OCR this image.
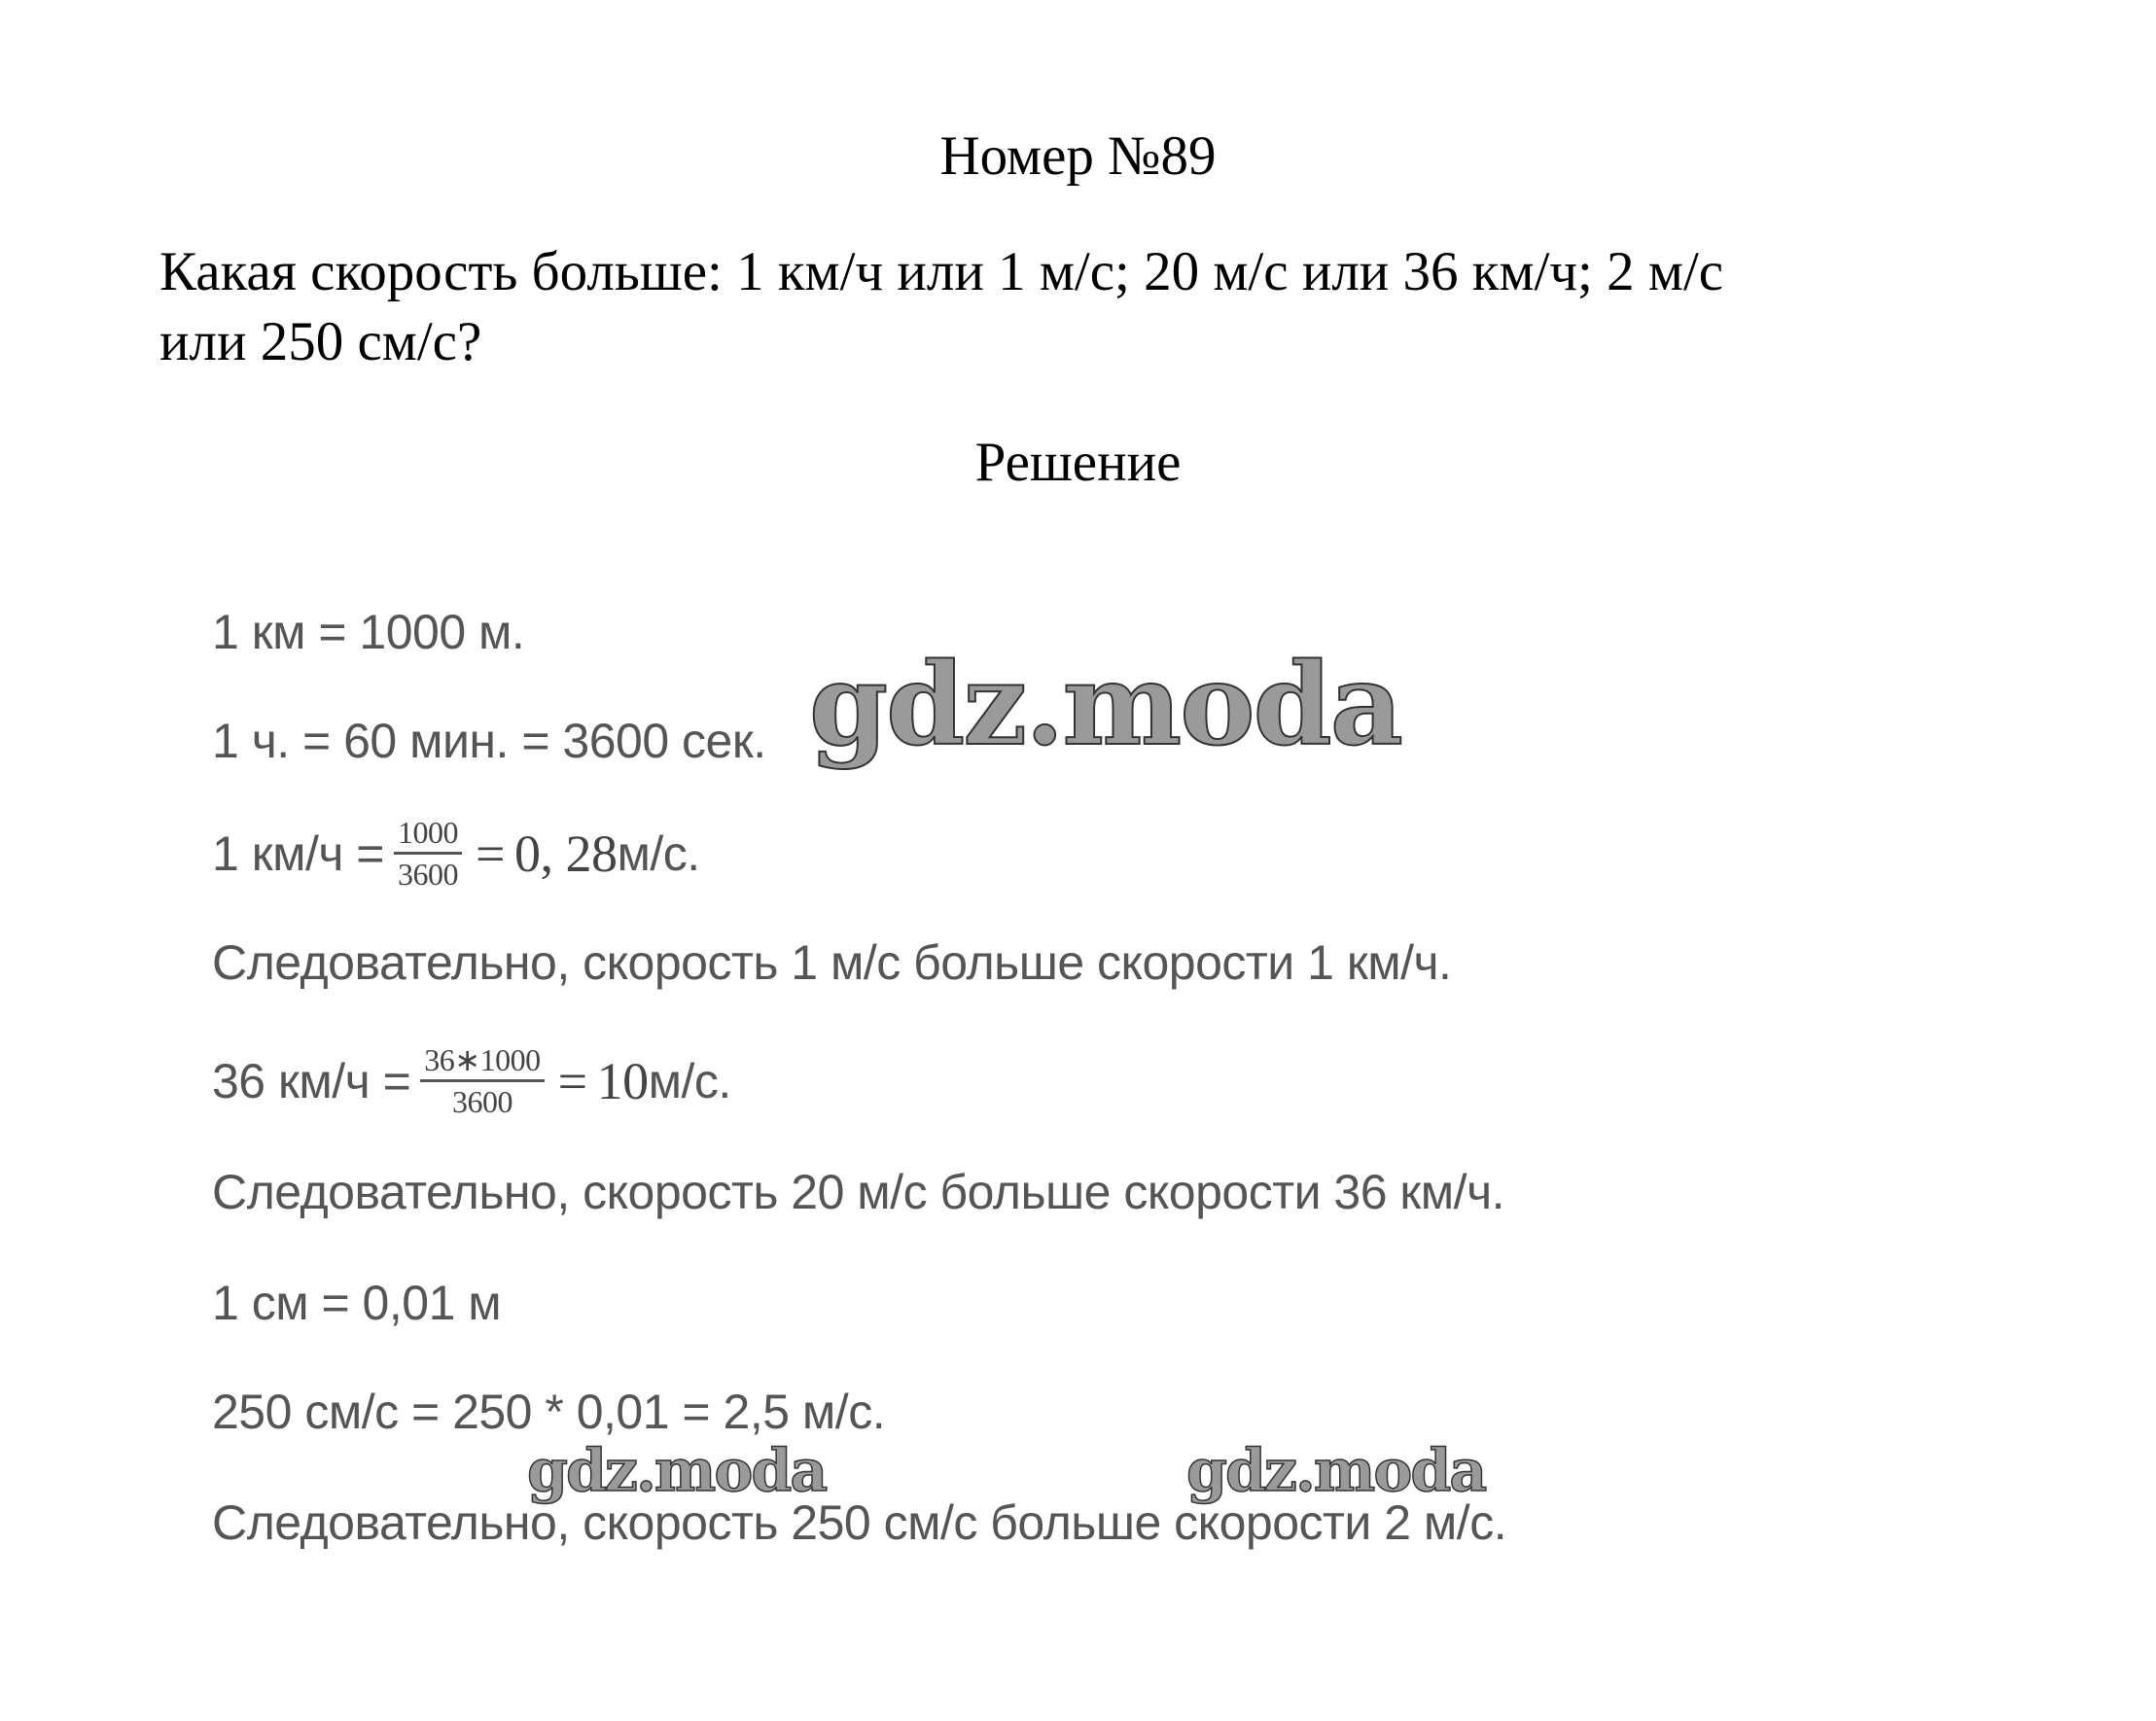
Номер №89
Какая скорость больше: 1 км/ч или 1 м/с; 20 м/с или 36 км/ч; 2 м/с
или 250 см/с?
Решение
1 км = 1000 м.
1 ч. = 60 мин. = 3600 сек.
1 $км/ч = \frac{1000}{3600} = 0$, 28 м/с.
Следовательно, скорость 1 м/с больше скорости 1 км/ч.
36 $км/ч = \frac{36∗1000}{3600} = 10$ м/с.
Следовательно, скорость 20 м/с больше скорости 36 км/ч.
1 см = 0,01 м
250 см/с = 250 * 0,01 = 2,5 м/с.
Следовательно, скорость 250 см/с больше скорости 2 м/с.
gdz.moda
gdz.moda	gdz.moda
